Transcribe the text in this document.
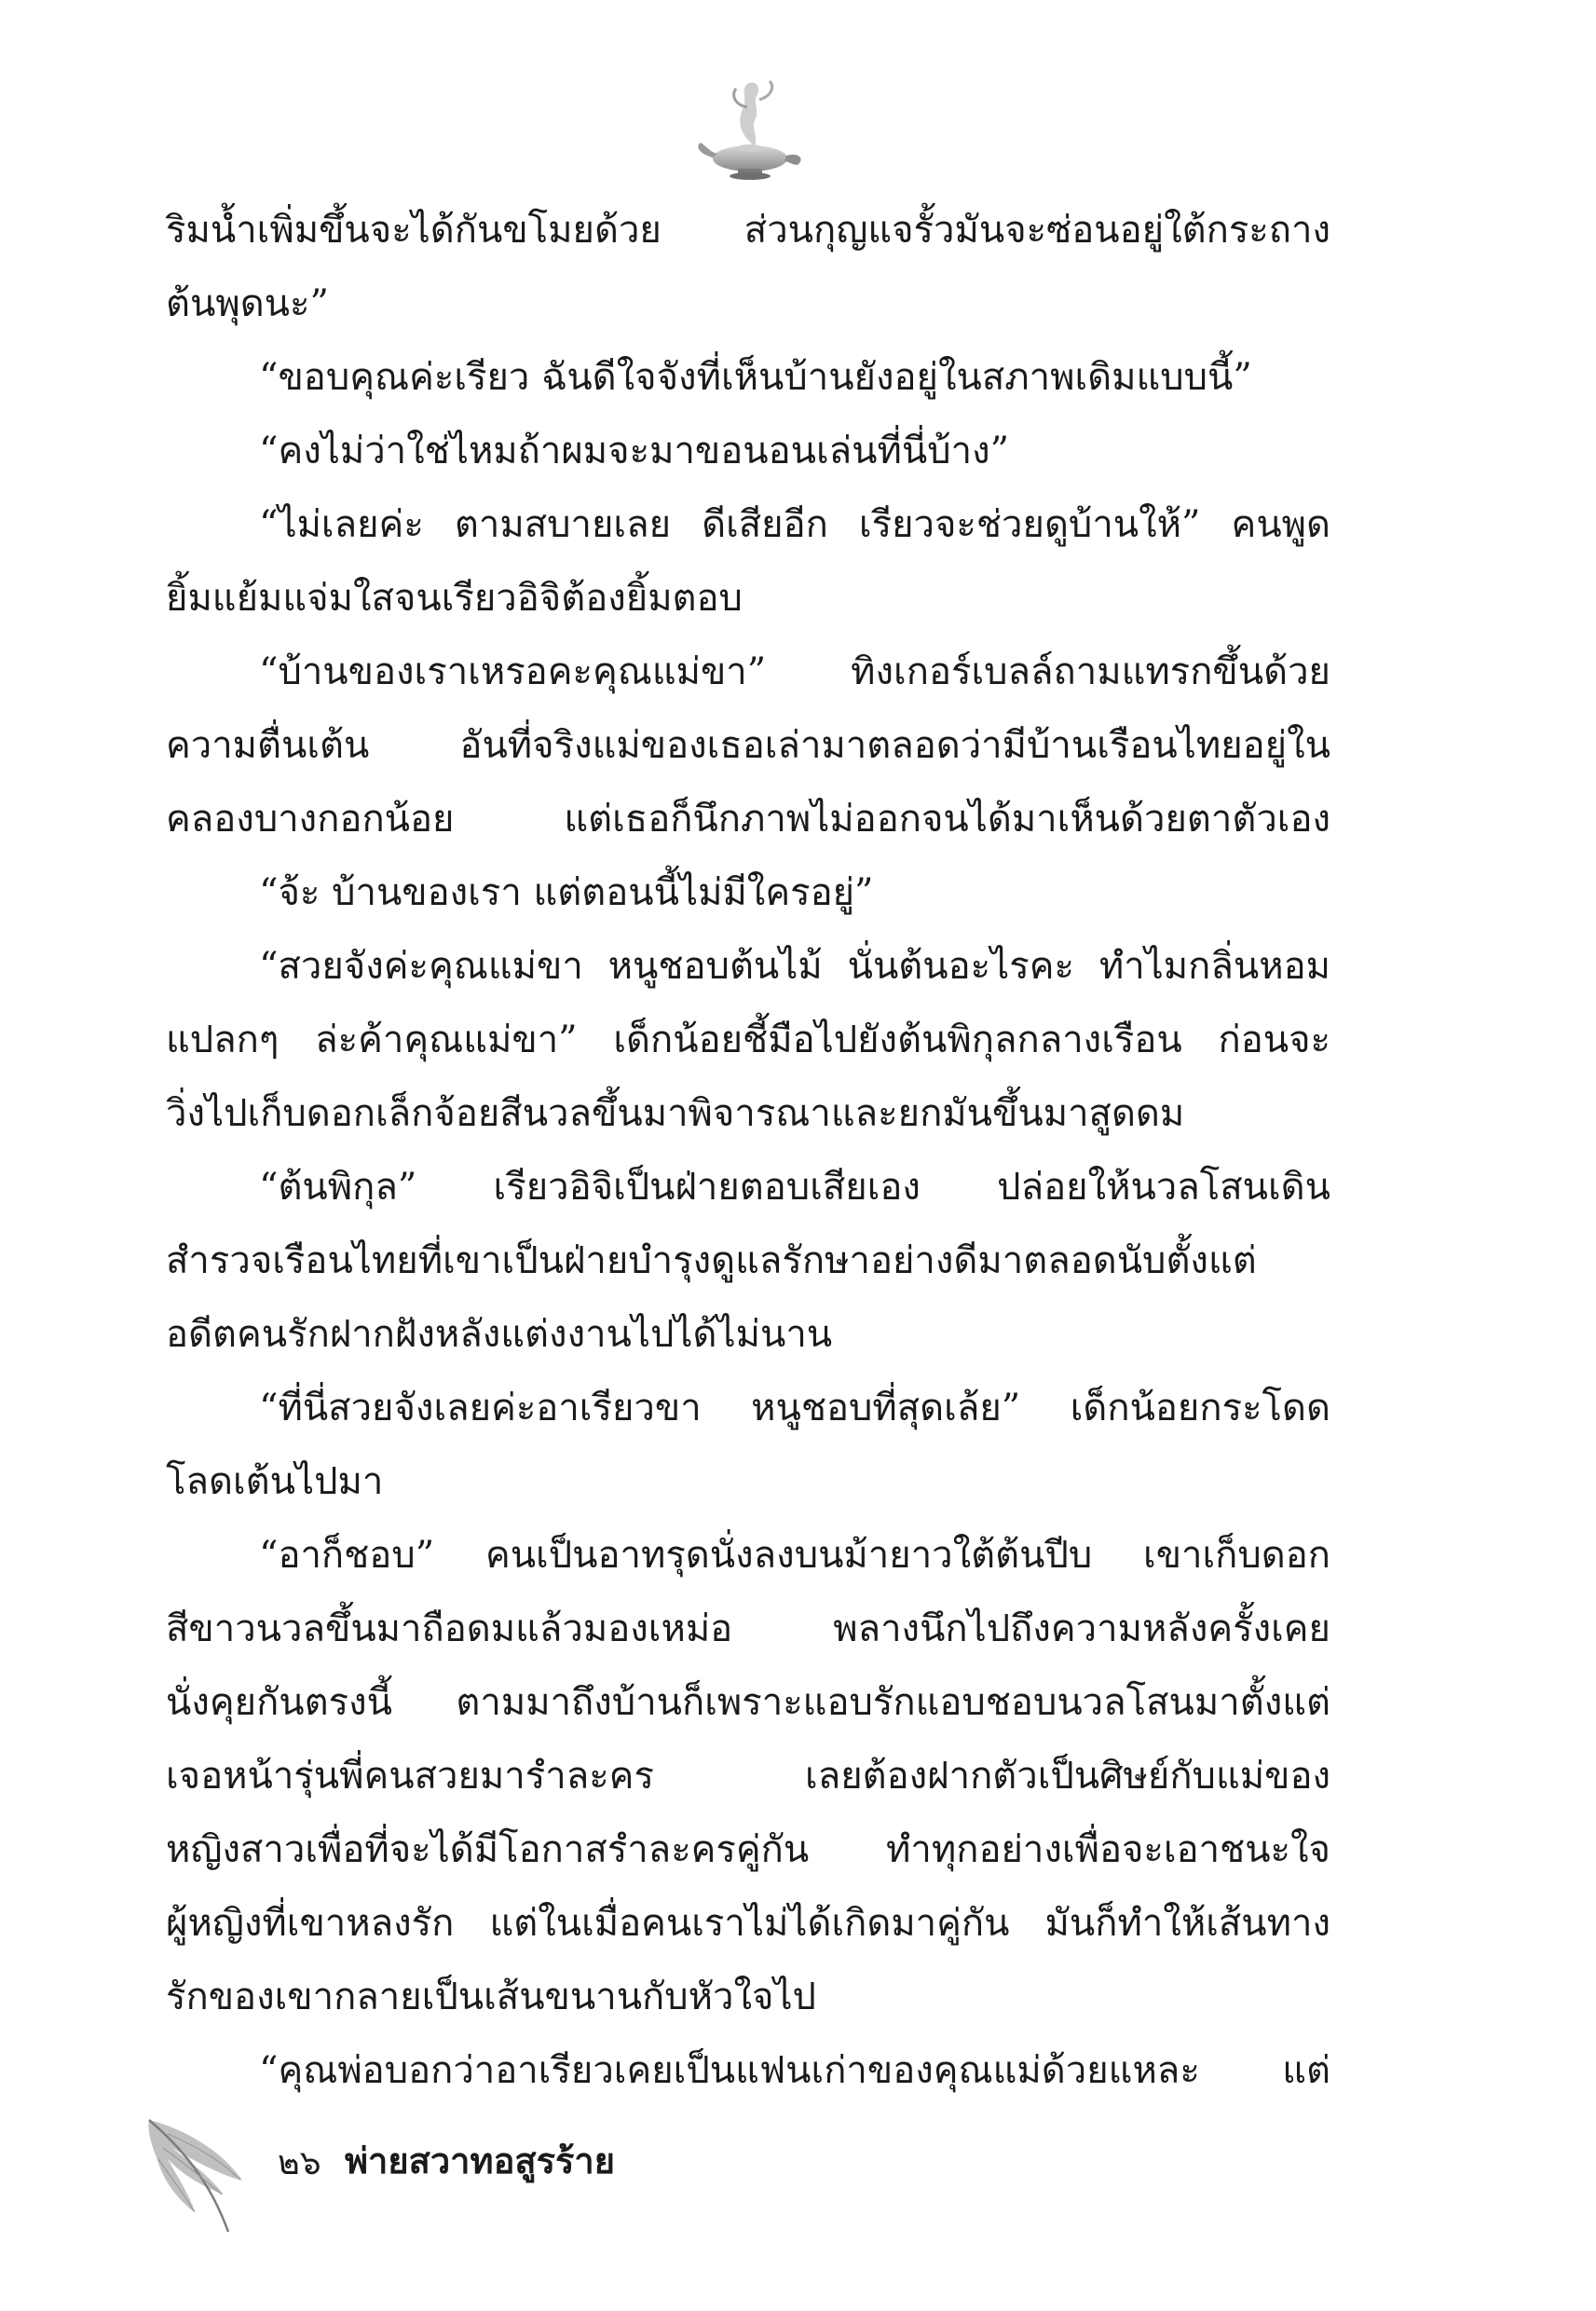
ริมน้ำเพิ่มขึ้นจะได้กันขโมยด้วย ส่วนกุญแจรั้วมันจะซ่อนอยู่ใต้กระถาง
ต้นพุดนะ”
“ขอบคุณค่ะเรียว ฉันดีใจจังที่เห็นบ้านยังอยู่ในสภาพเดิมแบบนี้”
“คงไม่ว่าใช่ไหมถ้าผมจะมาขอนอนเล่นที่นี่บ้าง”
“ไม่เลยค่ะ ตามสบายเลย ดีเสียอีก เรียวจะช่วยดูบ้านให้” คนพูด
ยิ้มแย้มแจ่มใสจนเรียวอิจิต้องยิ้มตอบ
“บ้านของเราเหรอคะคุณแม่ขา” ทิงเกอร์เบลล์ถามแทรกขึ้นด้วย
ความตื่นเต้น อันที่จริงแม่ของเธอเล่ามาตลอดว่ามีบ้านเรือนไทยอยู่ใน
คลองบางกอกน้อย แต่เธอก็นึกภาพไม่ออกจนได้มาเห็นด้วยตาตัวเอง
“จ้ะ บ้านของเรา แต่ตอนนี้ไม่มีใครอยู่”
“สวยจังค่ะคุณแม่ขา หนูชอบต้นไม้ นั่นต้นอะไรคะ ทำไมกลิ่นหอม
แปลกๆ ล่ะค้าคุณแม่ขา” เด็กน้อยชี้มือไปยังต้นพิกุลกลางเรือน ก่อนจะ
วิ่งไปเก็บดอกเล็กจ้อยสีนวลขึ้นมาพิจารณาและยกมันขึ้นมาสูดดม
“ต้นพิกุล” เรียวอิจิเป็นฝ่ายตอบเสียเอง ปล่อยให้นวลโสนเดิน
สำรวจเรือนไทยที่เขาเป็นฝ่ายบำรุงดูแลรักษาอย่างดีมาตลอดนับตั้งแต่
อดีตคนรักฝากฝังหลังแต่งงานไปได้ไม่นาน
“ที่นี่สวยจังเลยค่ะอาเรียวขา หนูชอบที่สุดเล้ย” เด็กน้อยกระโดด
โลดเต้นไปมา
“อาก็ชอบ” คนเป็นอาทรุดนั่งลงบนม้ายาวใต้ต้นปีบ เขาเก็บดอก
สีขาวนวลขึ้นมาถือดมแล้วมองเหม่อ พลางนึกไปถึงความหลังครั้งเคย
นั่งคุยกันตรงนี้ ตามมาถึงบ้านก็เพราะแอบรักแอบชอบนวลโสนมาตั้งแต่
เจอหน้ารุ่นพี่คนสวยมารำละคร เลยต้องฝากตัวเป็นศิษย์กับแม่ของ
หญิงสาวเพื่อที่จะได้มีโอกาสรำละครคู่กัน ทำทุกอย่างเพื่อจะเอาชนะใจ
ผู้หญิงที่เขาหลงรัก แต่ในเมื่อคนเราไม่ได้เกิดมาคู่กัน มันก็ทำให้เส้นทาง
รักของเขากลายเป็นเส้นขนานกับหัวใจไป
“คุณพ่อบอกว่าอาเรียวเคยเป็นแฟนเก่าของคุณแม่ด้วยแหละ แต่
๒๖ พ่ายสวาทอสูรร้าย
